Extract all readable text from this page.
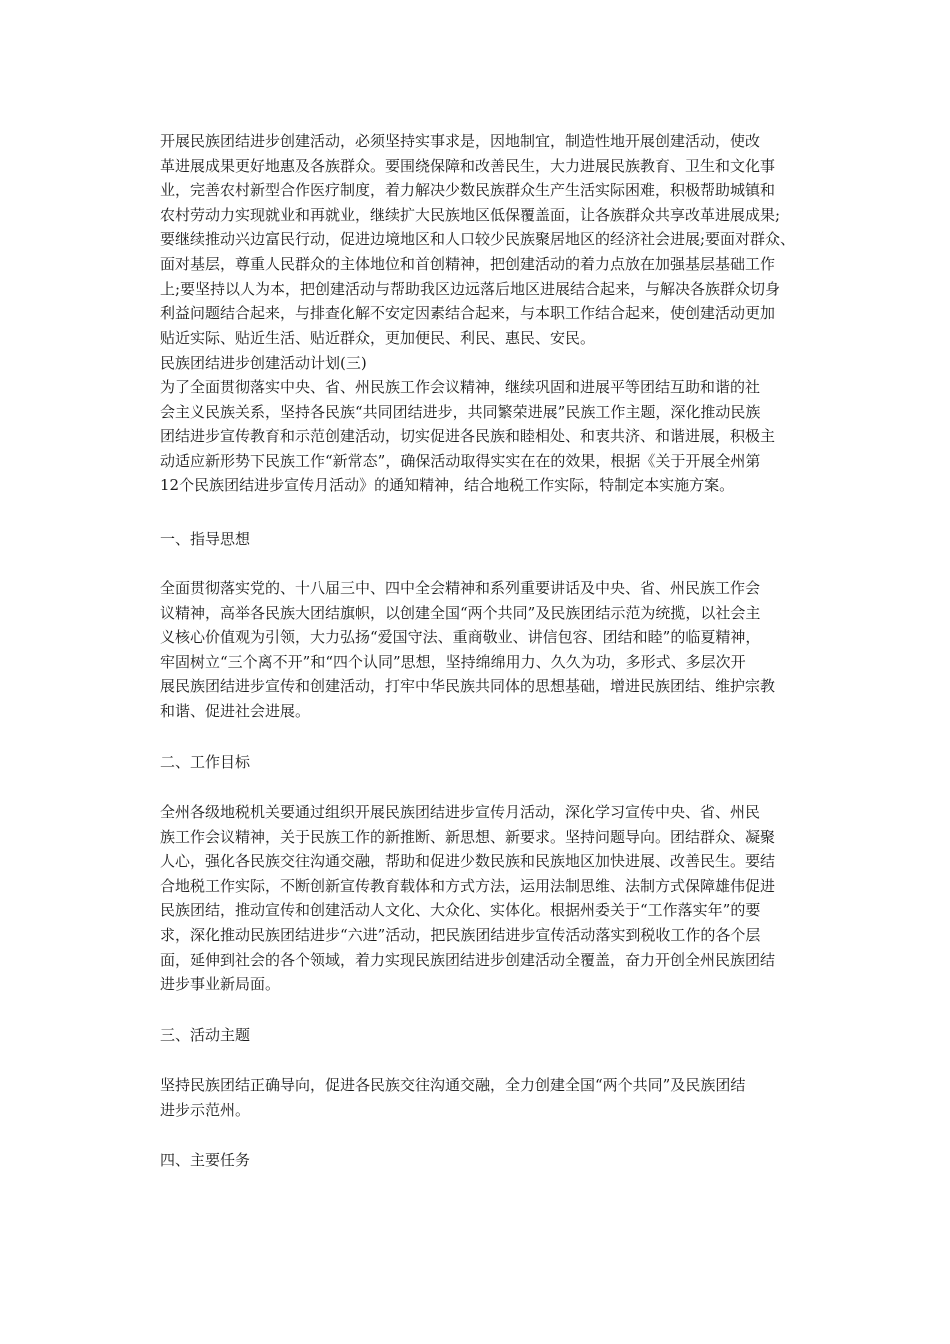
开展民族团结进步创建活动，必须坚持实事求是，因地制宜，制造性地开展创建活动，使改
革进展成果更好地惠及各族群众。要围绕保障和改善民生，大力进展民族教育、卫生和文化事
业，完善农村新型合作医疗制度，着力解决少数民族群众生产生活实际困难，积极帮助城镇和
农村劳动力实现就业和再就业，继续扩大民族地区低保覆盖面，让各族群众共享改革进展成果;
要继续推动兴边富民行动，促进边境地区和人口较少民族聚居地区的经济社会进展;要面对群众、
面对基层，尊重人民群众的主体地位和首创精神，把创建活动的着力点放在加强基层基础工作
上;要坚持以人为本，把创建活动与帮助我区边远落后地区进展结合起来，与解决各族群众切身
利益问题结合起来，与排查化解不安定因素结合起来，与本职工作结合起来，使创建活动更加
贴近实际、贴近生活、贴近群众，更加便民、利民、惠民、安民。
民族团结进步创建活动计划(三)
为了全面贯彻落实中央、省、州民族工作会议精神，继续巩固和进展平等团结互助和谐的社
会主义民族关系，坚持各民族“共同团结进步，共同繁荣进展”民族工作主题，深化推动民族
团结进步宣传教育和示范创建活动，切实促进各民族和睦相处、和衷共济、和谐进展，积极主
动适应新形势下民族工作“新常态”，确保活动取得实实在在的效果，根据《关于开展全州第
12个民族团结进步宣传月活动》的通知精神，结合地税工作实际，特制定本实施方案。
一、指导思想
全面贯彻落实党的、十八届三中、四中全会精神和系列重要讲话及中央、省、州民族工作会
议精神，高举各民族大团结旗帜，以创建全国“两个共同”及民族团结示范为统揽，以社会主
义核心价值观为引领，大力弘扬“爱国守法、重商敬业、讲信包容、团结和睦”的临夏精神，
牢固树立“三个离不开”和“四个认同”思想，坚持绵绵用力、久久为功，多形式、多层次开
展民族团结进步宣传和创建活动，打牢中华民族共同体的思想基础，增进民族团结、维护宗教
和谐、促进社会进展。
二、工作目标
全州各级地税机关要通过组织开展民族团结进步宣传月活动，深化学习宣传中央、省、州民
族工作会议精神，关于民族工作的新推断、新思想、新要求。坚持问题导向。团结群众、凝聚
人心，强化各民族交往沟通交融，帮助和促进少数民族和民族地区加快进展、改善民生。要结
合地税工作实际，不断创新宣传教育载体和方式方法，运用法制思维、法制方式保障雄伟促进
民族团结，推动宣传和创建活动人文化、大众化、实体化。根据州委关于“工作落实年”的要
求，深化推动民族团结进步“六进”活动，把民族团结进步宣传活动落实到税收工作的各个层
面，延伸到社会的各个领域，着力实现民族团结进步创建活动全覆盖，奋力开创全州民族团结
进步事业新局面。
三、活动主题
坚持民族团结正确导向，促进各民族交往沟通交融，全力创建全国“两个共同”及民族团结
进步示范州。
四、主要任务
